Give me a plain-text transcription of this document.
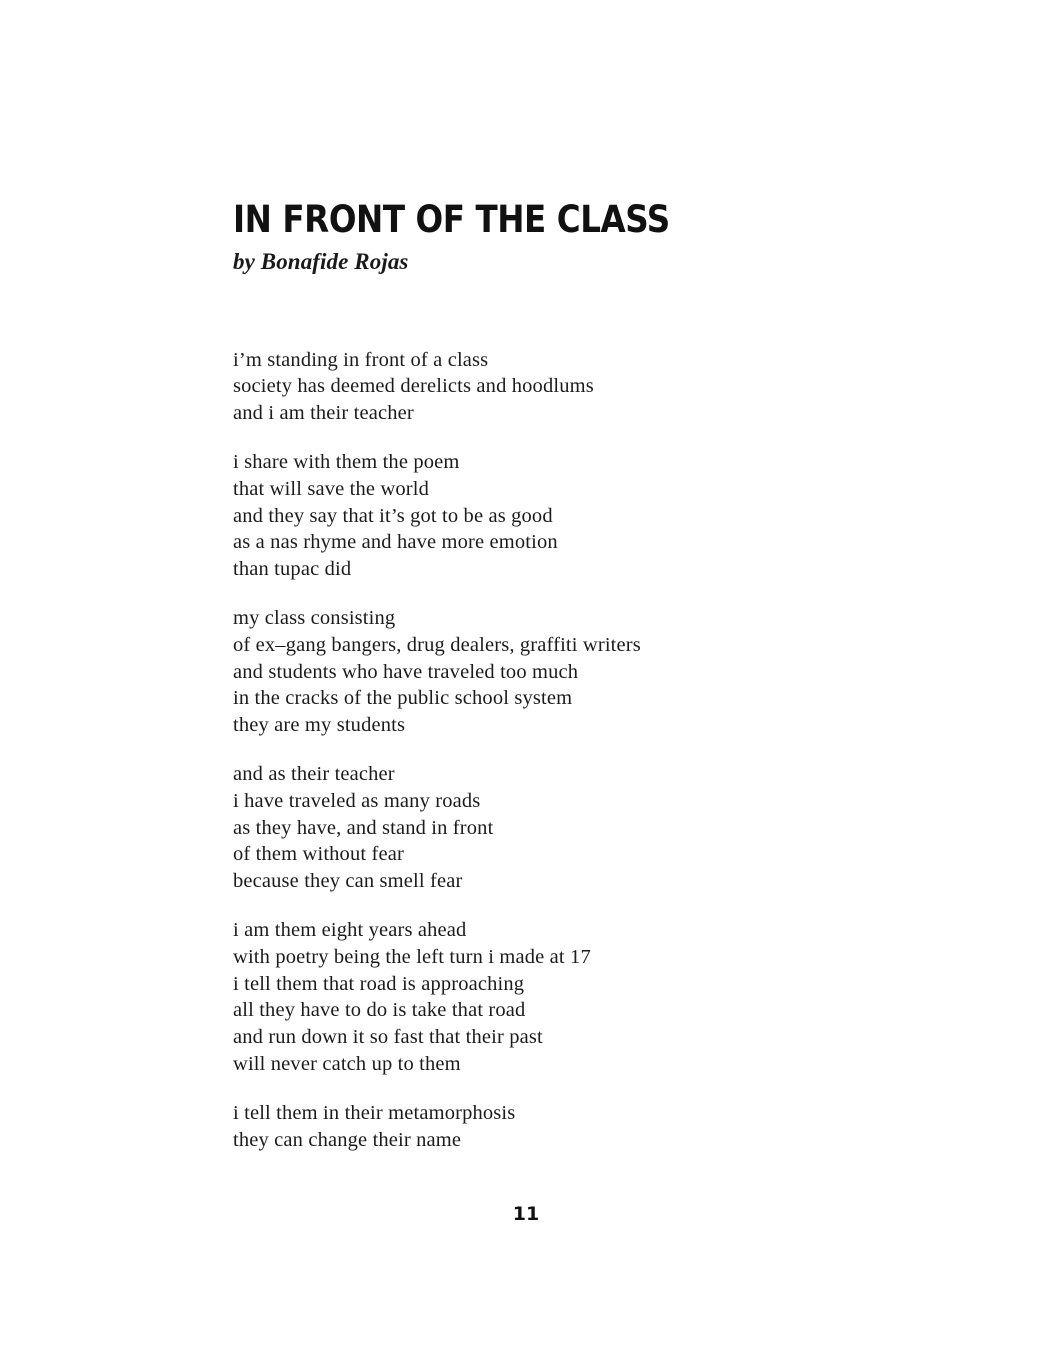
IN FRONT OF THE CLASS

by Bonafide Rojas

i’m standing in front of a class
society has deemed derelicts and hoodlums
and i am their teacher
i share with them the poem
that will save the world
and they say that it’s got to be as good
as a nas rhyme and have more emotion
than tupac did
my class consisting
of ex–gang bangers, drug dealers, graffiti writers
and students who have traveled too much
in the cracks of the public school system
they are my students
and as their teacher
i have traveled as many roads
as they have, and stand in front
of them without fear
because they can smell fear
i am them eight years ahead
with poetry being the left turn i made at 17
i tell them that road is approaching
all they have to do is take that road
and run down it so fast that their past
will never catch up to them
i tell them in their metamorphosis
they can change their name
11
